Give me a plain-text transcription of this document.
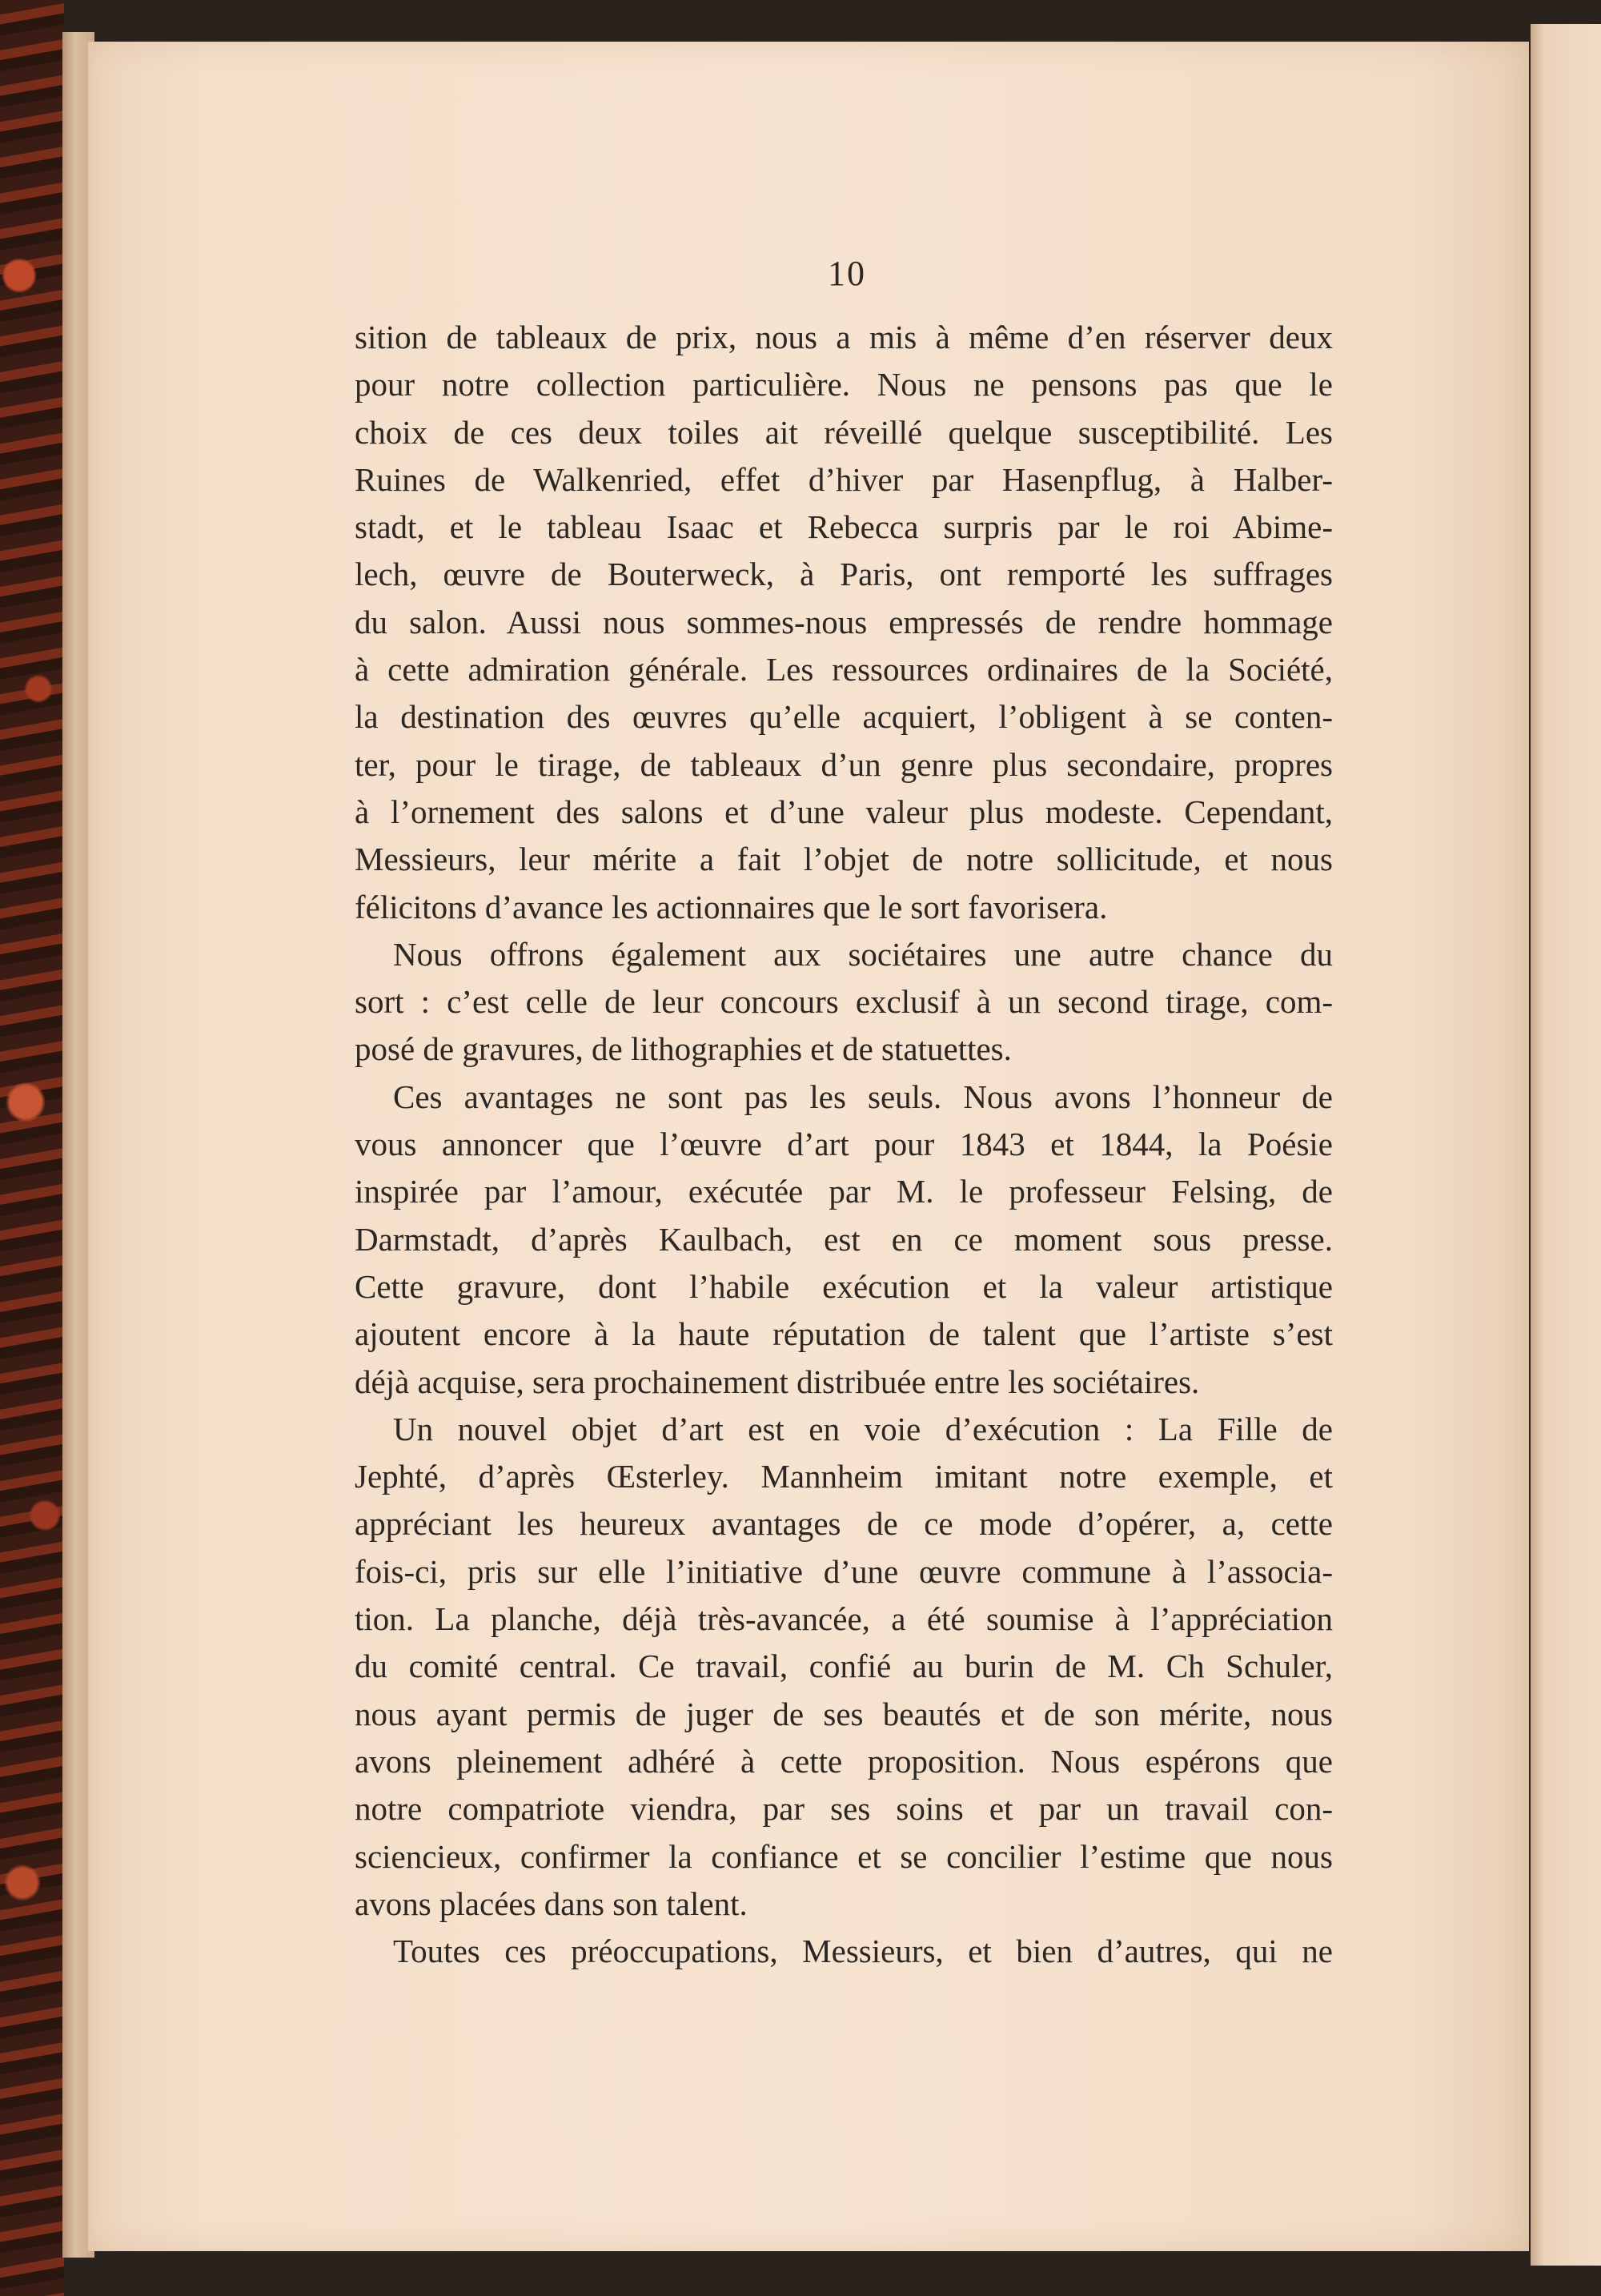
10
sition de tableaux de prix, nous a mis à même d’en réserver deux
pour notre collection particulière. Nous ne pensons pas que le
choix de ces deux toiles ait réveillé quelque susceptibilité. Les
Ruines de Walkenried, effet d’hiver par Hasenpflug, à Halber-
stadt, et le tableau Isaac et Rebecca surpris par le roi Abime-
lech, œuvre de Bouterweck, à Paris, ont remporté les suffrages
du salon. Aussi nous sommes-nous empressés de rendre hommage
à cette admiration générale. Les ressources ordinaires de la Société,
la destination des œuvres qu’elle acquiert, l’obligent à se conten-
ter, pour le tirage, de tableaux d’un genre plus secondaire, propres
à l’ornement des salons et d’une valeur plus modeste. Cependant,
Messieurs, leur mérite a fait l’objet de notre sollicitude, et nous
félicitons d’avance les actionnaires que le sort favorisera.
Nous offrons également aux sociétaires une autre chance du
sort : c’est celle de leur concours exclusif à un second tirage, com-
posé de gravures, de lithographies et de statuettes.
Ces avantages ne sont pas les seuls. Nous avons l’honneur de
vous annoncer que l’œuvre d’art pour 1843 et 1844, la Poésie
inspirée par l’amour, exécutée par M. le professeur Felsing, de
Darmstadt, d’après Kaulbach, est en ce moment sous presse.
Cette gravure, dont l’habile exécution et la valeur artistique
ajoutent encore à la haute réputation de talent que l’artiste s’est
déjà acquise, sera prochainement distribuée entre les sociétaires.
Un nouvel objet d’art est en voie d’exécution : La Fille de
Jephté, d’après Œsterley. Mannheim imitant notre exemple, et
appréciant les heureux avantages de ce mode d’opérer, a, cette
fois-ci, pris sur elle l’initiative d’une œuvre commune à l’associa-
tion. La planche, déjà très-avancée, a été soumise à l’appréciation
du comité central. Ce travail, confié au burin de M. Ch Schuler,
nous ayant permis de juger de ses beautés et de son mérite, nous
avons pleinement adhéré à cette proposition. Nous espérons que
notre compatriote viendra, par ses soins et par un travail con-
sciencieux, confirmer la confiance et se concilier l’estime que nous
avons placées dans son talent.
Toutes ces préoccupations, Messieurs, et bien d’autres, qui ne
